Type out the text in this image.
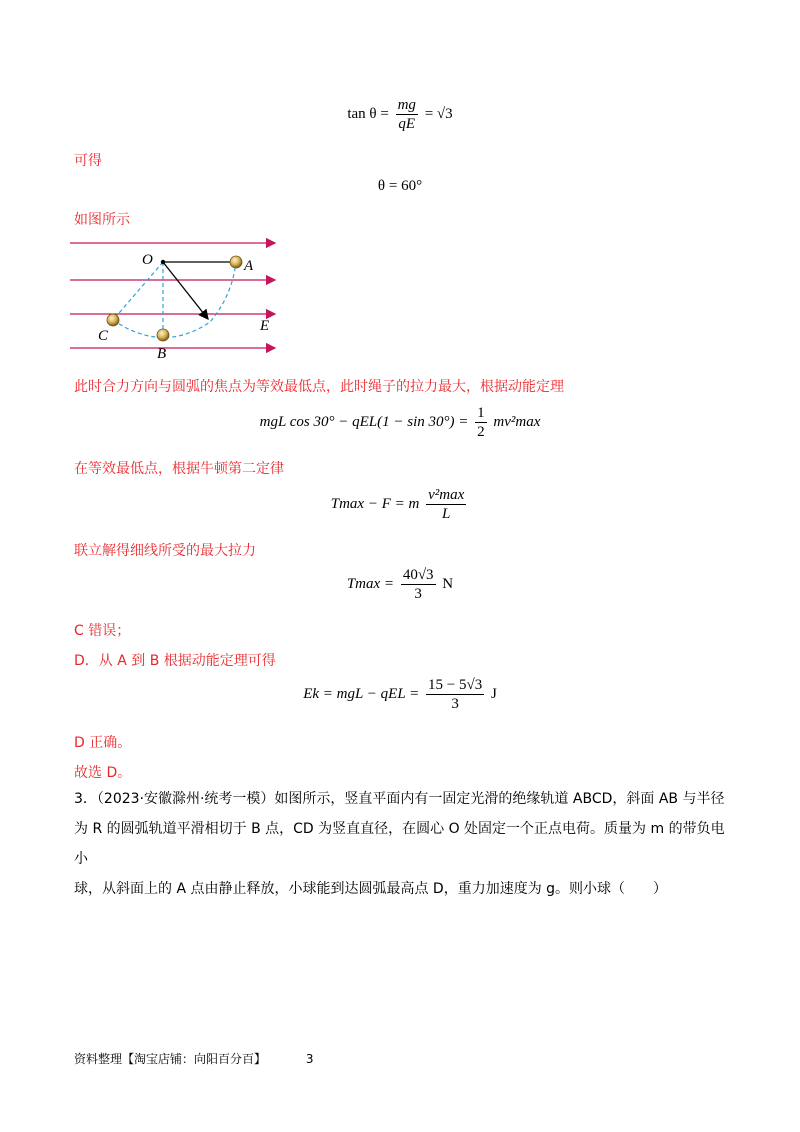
$\tan \theta = \frac{mg}{qE} = √3$
可得
θ = 60°
如图所示
O	A
C
B
E
此时合力方向与圆弧的焦点为等效最低点，此时绳子的拉力最大，根据动能定理
mgL $\cos 30^\circ - qEL(1 - \sin 30^\circ) = \frac{1}{2} mv^2\max$
在等效最低点，根据牛顿第二定律
Tmax − F = m $\frac{\text{v²max}}{L}$
联立解得细线所受的最大拉力
$Tmax = \frac{40√3}{3}$ N
C 错误；
D．从 A 到 B 根据动能定理可得
Ek = mgL − qEL = $\frac{15 - 5√3}{3}$ J
D 正确。
故选 D。
3．（2023·安徽滁州·统考一模）如图所示，竖直平面内有一固定光滑的绝缘轨道 ABCD，斜面 AB 与半径
为 R 的圆弧轨道平滑相切于 B 点，CD 为竖直直径，在圆心 O 处固定一个正点电荷。质量为 m 的带负电小
球，从斜面上的 A 点由静止释放，小球能到达圆弧最高点 D，重力加速度为 g。则小球（　　）
资料整理【淘宝店铺：向阳百分百】	3
